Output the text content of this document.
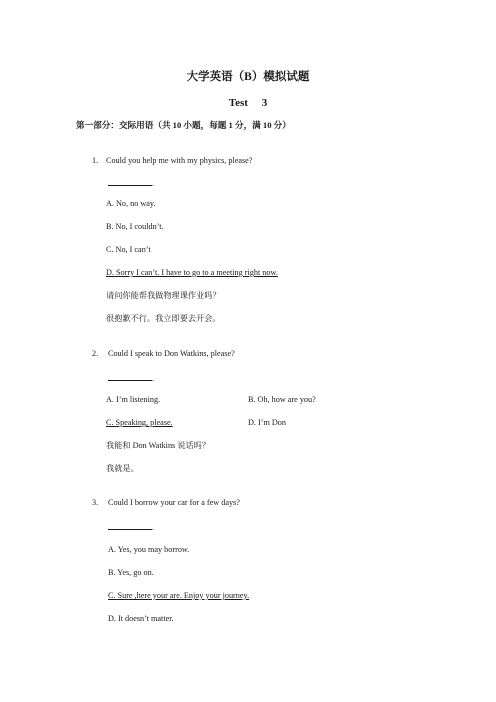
大学英语（B）模拟试题
Test　 3
第一部分：交际用语（共 10 小题，每题 1 分，满 10 分）
1. Could you help me with my physics, please?
.
A. No, no way.
B. No, I couldn’t.
C. No, I can’t
D. Sorry I can’t. I have to go to a meeting right now.
请问你能帮我做物理课作业吗？
很抱歉不行。我立即要去开会。
2. Could I speak to Don Watkins, please?
.
A. I’m listening.	B. Oh, how are you?
C. Speaking, please.	D. I’m Don
我能和 Don Watkins 说话吗？
我就是。
3. Could I borrow your car for a few days?
.
A. Yes, you may borrow.
B. Yes, go on.
C. Sure ,here your are. Enjoy your journey.
D. It doesn’t matter.
